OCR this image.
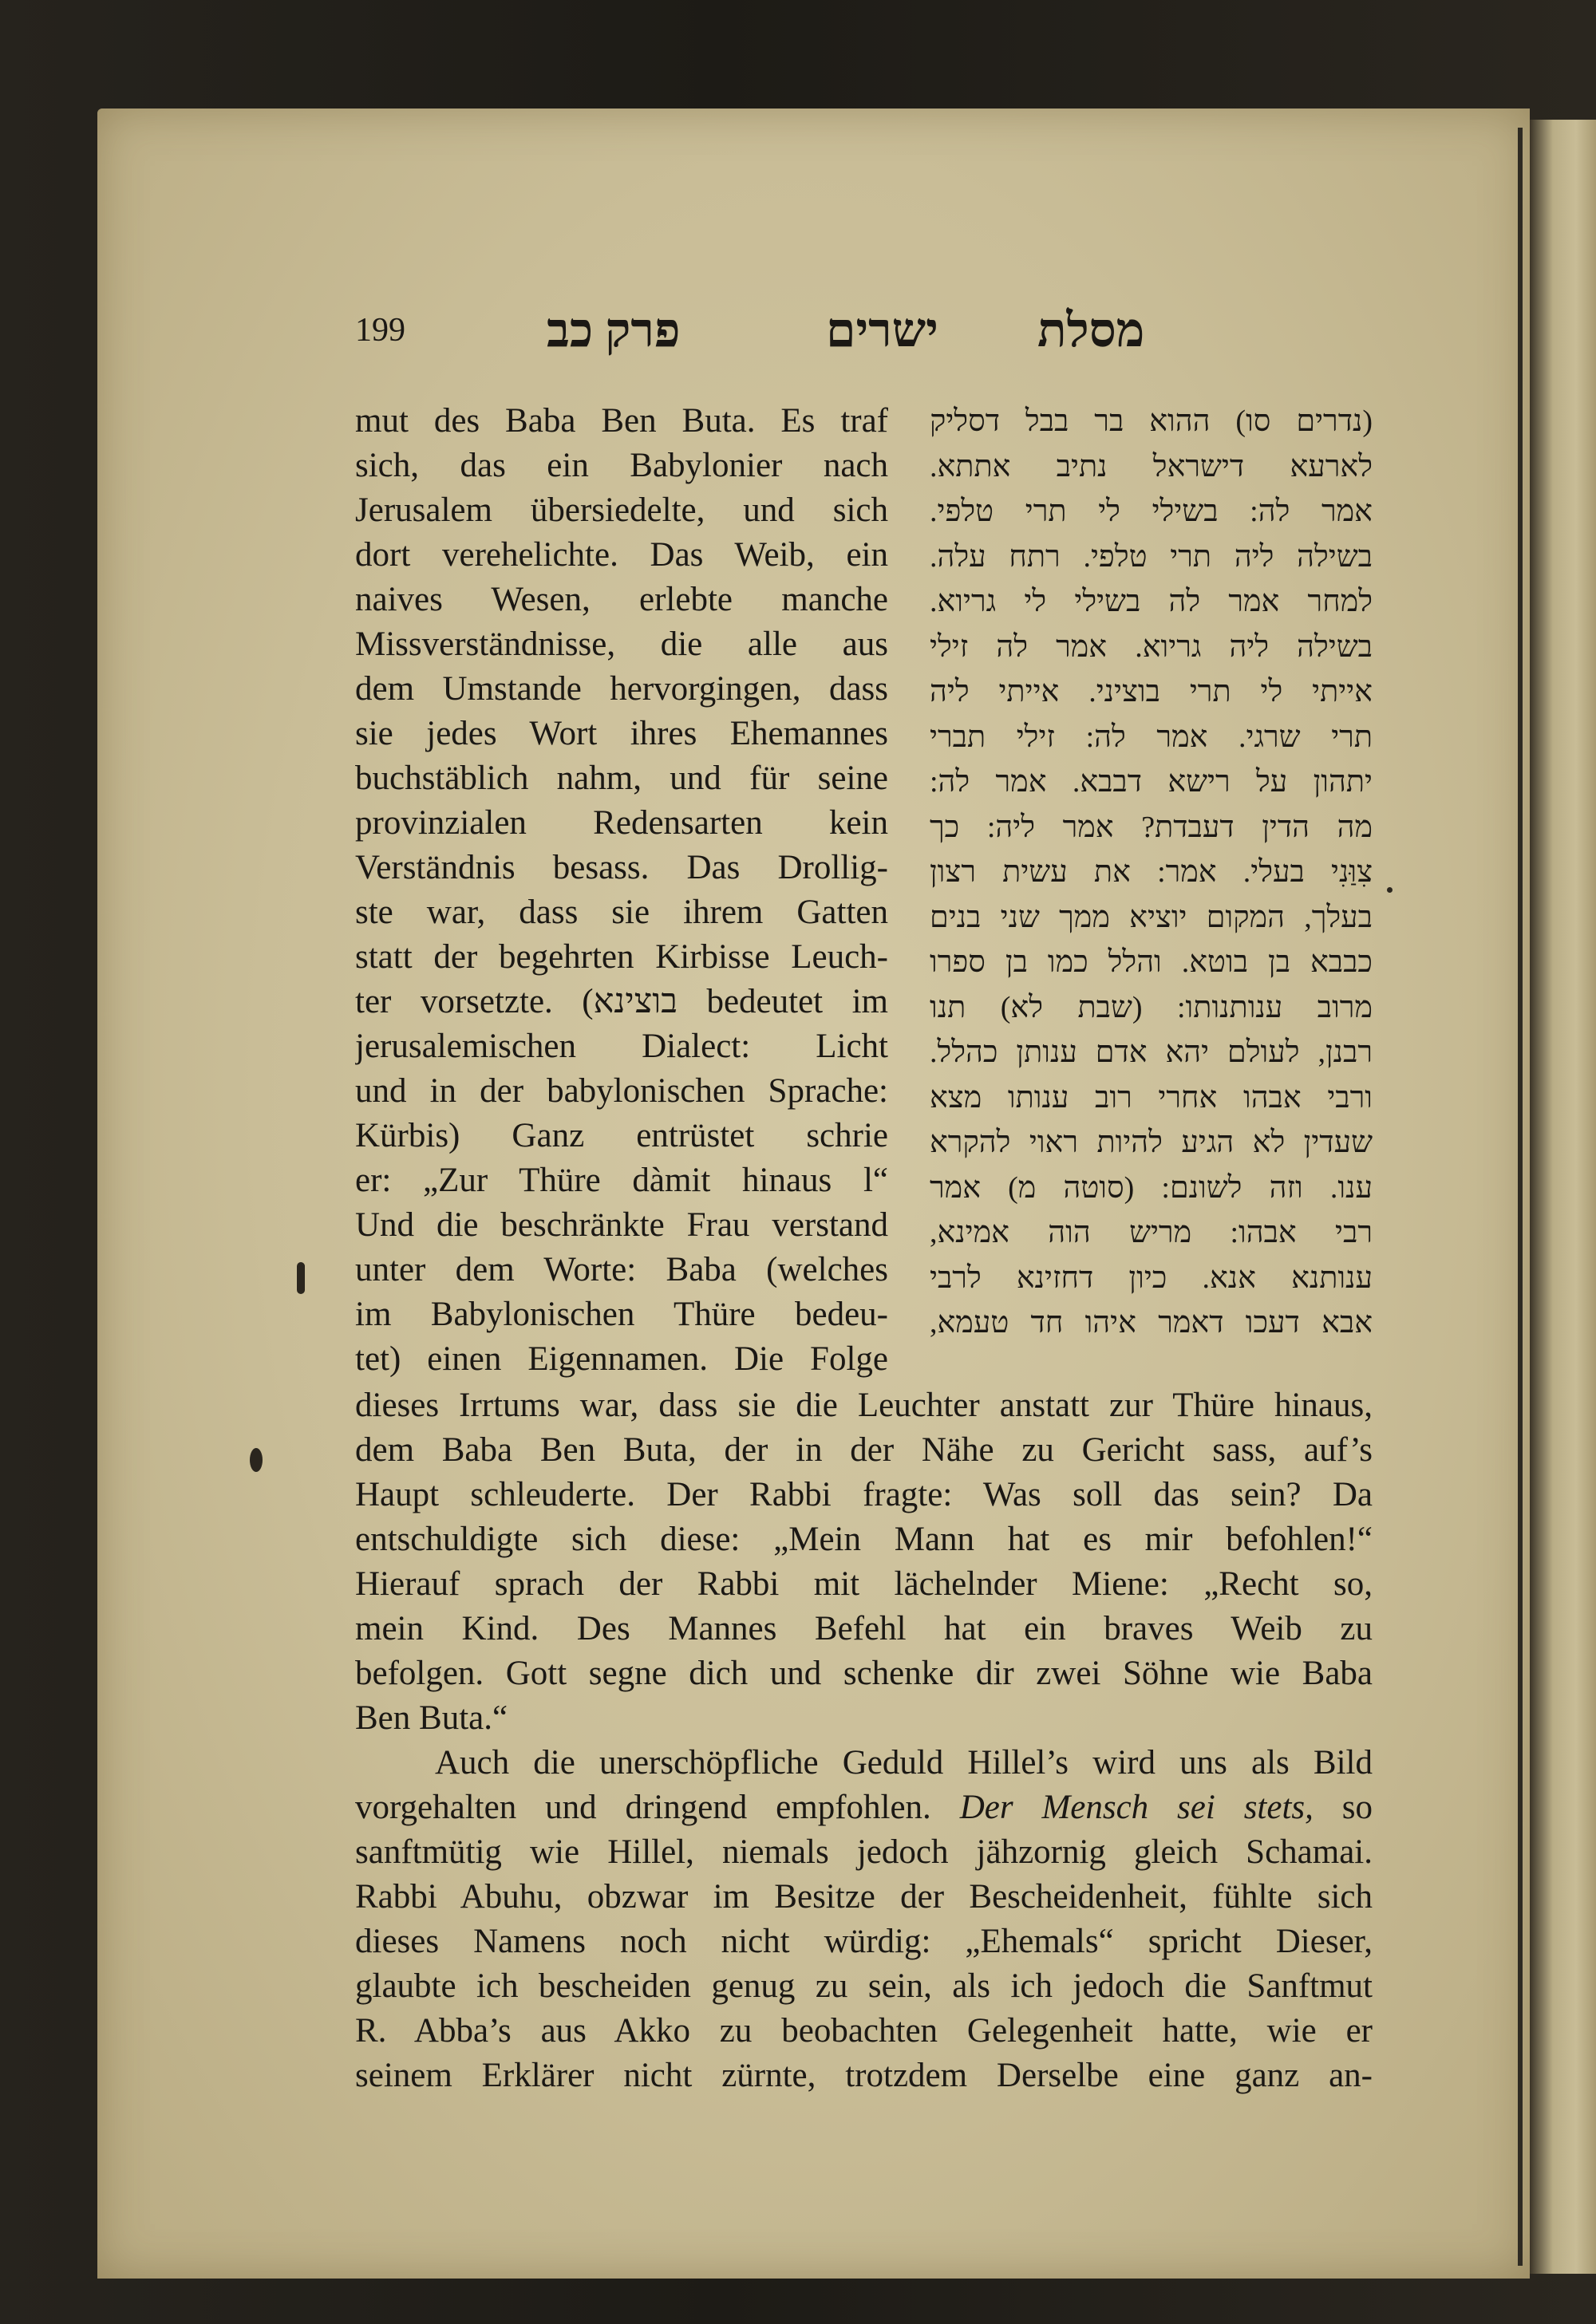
199	פרק כב	ישרים מסלת
mut des Baba Ben Buta. Es traf
sich, das ein Babylonier nach
Jerusalem übersiedelte, und sich
dort verehelichte. Das Weib, ein
naives Wesen, erlebte manche
Missverständnisse, die alle aus
dem Umstande hervorgingen, dass
sie jedes Wort ihres Ehemannes
buchstäblich nahm, und für seine
provinzialen Redensarten kein
Verständnis besass. Das Drollig-
ste war, dass sie ihrem Gatten
statt der begehrten Kirbisse Leuch-
ter vorsetzte. (בוצינא bedeutet im
jerusalemischen Dialect: Licht
und in der babylonischen Sprache:
Kürbis) Ganz entrüstet schrie
er: „Zur Thüre dàmit hinaus l“
Und die beschränkte Frau verstand
unter dem Worte: Baba (welches
im Babylonischen Thüre bedeu-
tet) einen Eigennamen. Die Folge
(נדרים סו) ההוא בר בבל דסליק
לארעא דישראל נתיב אתתא.
אמר לה: בשילי לי תרי טלפי.
בשילה ליה תרי טלפי. רתח עלה.
למחר אמר לה בשילי לי גריוא.
בשילה ליה גריוא. אמר לה זילי
אייתי לי תרי בוציני. אייתי ליה
תרי שרגי. אמר לה: זילי תברי
יתהון על רישא דבבא. אמר לה:
מה הדין דעבדת? אמר ליה: כך
צִוַּנִי בעלי. אמר: את עשית רצון
בעלך, המקום יוציא ממך שני בנים
כבבא בן בוטא. והלל כמו בן ספרו
מרוב ענותנותו: (שבת לא) תנו
רבנן, לעולם יהא אדם ענותן כהלל.
ורבי אבהו אחרי רוב ענותו מצא
שעדין לא הגיע להיות ראוי להקרא
ענו. וזה לשונם: (סוטה מ) אמר
רבי אבהו: מריש הוה אמינא,
ענותנא אנא. כיון דחזינא לרבי
אבא דעכו דאמר איהו חד טעמא,
dieses Irrtums war, dass sie die Leuchter anstatt zur Thüre hinaus,
dem Baba Ben Buta, der in der Nähe zu Gericht sass, auf’s
Haupt schleuderte. Der Rabbi fragte: Was soll das sein? Da
entschuldigte sich diese: „Mein Mann hat es mir befohlen!“
Hierauf sprach der Rabbi mit lächelnder Miene: „Recht so,
mein Kind. Des Mannes Befehl hat ein braves Weib zu
befolgen. Gott segne dich und schenke dir zwei Söhne wie Baba
Ben Buta.“
Auch die unerschöpfliche Geduld Hillel’s wird uns als Bild
vorgehalten und dringend empfohlen. Der Mensch sei stets, so
sanftmütig wie Hillel, niemals jedoch jähzornig gleich Schamai.
Rabbi Abuhu, obzwar im Besitze der Bescheidenheit, fühlte sich
dieses Namens noch nicht würdig: „Ehemals“ spricht Dieser,
glaubte ich bescheiden genug zu sein, als ich jedoch die Sanftmut
R. Abba’s aus Akko zu beobachten Gelegenheit hatte, wie er
seinem Erklärer nicht zürnte, trotzdem Derselbe eine ganz an-
